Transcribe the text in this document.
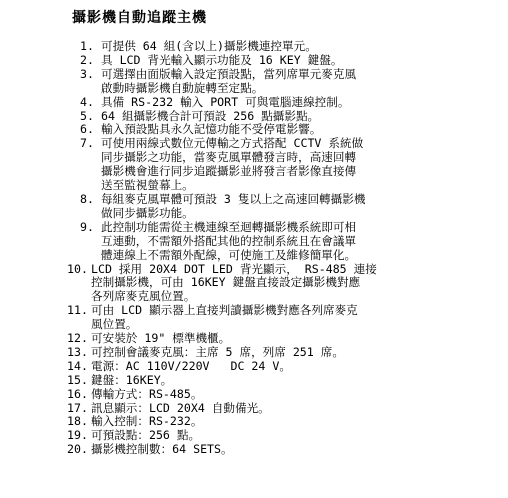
攝影機自動追蹤主機
1. 可提供 64 組(含以上)攝影機連控單元。
2. 具 LCD 背光輸入顯示功能及 16 KEY 鍵盤。
3. 可選擇由面版輸入設定預設點，當列席單元麥克風
啟動時攝影機自動旋轉至定點。
4. 具備 RS-232 輸入 PORT 可與電腦連線控制。
5. 64 組攝影機合計可預設 256 點攝影點。
6. 輸入預設點具永久記憶功能不受停電影響。
7. 可使用兩線式數位元傳輸之方式搭配 CCTV 系統做
同步攝影之功能，當麥克風單體發言時，高速回轉
攝影機會進行同步追蹤攝影並將發言者影像直接傳
送至監視螢幕上。
8. 每組麥克風單體可預設 3 隻以上之高速回轉攝影機
做同步攝影功能。
9. 此控制功能需從主機連線至迴轉攝影機系統即可相
互連動，不需額外搭配其他的控制系統且在會議單
體連線上不需額外配線，可使施工及維修簡單化。
10. LCD 採用 20X4 DOT LED 背光顯示， RS-485 連接
控制攝影機，可由 16KEY 鍵盤直接設定攝影機對應
各列席麥克風位置。
11. 可由 LCD 顯示器上直接判讀攝影機對應各列席麥克
風位置。
12. 可安裝於 19" 標準機櫃。
13. 可控制會議麥克風：主席 5 席，列席 251 席。
14. 電源：AC 110V/220V   DC 24 V。
15. 鍵盤：16KEY。
16. 傳輸方式：RS-485。
17. 訊息顯示：LCD 20X4 自動備光。
18. 輸入控制：RS-232。
19. 可預設點：256 點。
20. 攝影機控制數：64 SETS。
